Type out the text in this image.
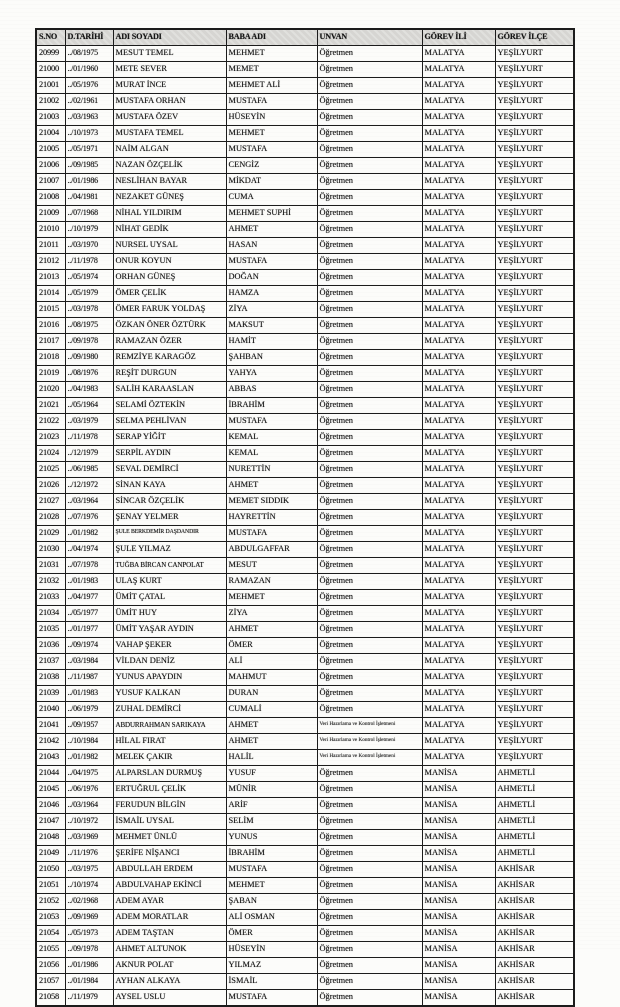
S.NO	D.TARİHİ	ADI SOYADI	BABA ADI	UNVAN	GÖREV İLİ	GÖREV İLÇE
20999	../08/1975	MESUT TEMEL	MEHMET	Öğretmen	MALATYA	YEŞİLYURT
21000	../01/1960	METE SEVER	MEMET	Öğretmen	MALATYA	YEŞİLYURT
21001	../05/1976	MURAT İNCE	MEHMET ALİ	Öğretmen	MALATYA	YEŞİLYURT
21002	../02/1961	MUSTAFA ORHAN	MUSTAFA	Öğretmen	MALATYA	YEŞİLYURT
21003	../03/1963	MUSTAFA ÖZEV	HÜSEYİN	Öğretmen	MALATYA	YEŞİLYURT
21004	../10/1973	MUSTAFA TEMEL	MEHMET	Öğretmen	MALATYA	YEŞİLYURT
21005	../05/1971	NAİM ALGAN	MUSTAFA	Öğretmen	MALATYA	YEŞİLYURT
21006	../09/1985	NAZAN ÖZÇELİK	CENGİZ	Öğretmen	MALATYA	YEŞİLYURT
21007	../01/1986	NESLİHAN BAYAR	MİKDAT	Öğretmen	MALATYA	YEŞİLYURT
21008	../04/1981	NEZAKET GÜNEŞ	CUMA	Öğretmen	MALATYA	YEŞİLYURT
21009	../07/1968	NİHAL YILDIRIM	MEHMET SUPHİ	Öğretmen	MALATYA	YEŞİLYURT
21010	../10/1979	NİHAT GEDİK	AHMET	Öğretmen	MALATYA	YEŞİLYURT
21011	../03/1970	NURSEL UYSAL	HASAN	Öğretmen	MALATYA	YEŞİLYURT
21012	../11/1978	ONUR KOYUN	MUSTAFA	Öğretmen	MALATYA	YEŞİLYURT
21013	../05/1974	ORHAN GÜNEŞ	DOĞAN	Öğretmen	MALATYA	YEŞİLYURT
21014	../05/1979	ÖMER ÇELİK	HAMZA	Öğretmen	MALATYA	YEŞİLYURT
21015	../03/1978	ÖMER FARUK YOLDAŞ	ZİYA	Öğretmen	MALATYA	YEŞİLYURT
21016	../08/1975	ÖZKAN ÖNER ÖZTÜRK	MAKSUT	Öğretmen	MALATYA	YEŞİLYURT
21017	../09/1978	RAMAZAN ÖZER	HAMİT	Öğretmen	MALATYA	YEŞİLYURT
21018	../09/1980	REMZİYE KARAGÖZ	ŞAHBAN	Öğretmen	MALATYA	YEŞİLYURT
21019	../08/1976	REŞİT DURGUN	YAHYA	Öğretmen	MALATYA	YEŞİLYURT
21020	../04/1983	SALİH KARAASLAN	ABBAS	Öğretmen	MALATYA	YEŞİLYURT
21021	../05/1964	SELAMİ ÖZTEKİN	İBRAHİM	Öğretmen	MALATYA	YEŞİLYURT
21022	../03/1979	SELMA PEHLİVAN	MUSTAFA	Öğretmen	MALATYA	YEŞİLYURT
21023	../11/1978	SERAP YİĞİT	KEMAL	Öğretmen	MALATYA	YEŞİLYURT
21024	../12/1979	SERPİL AYDIN	KEMAL	Öğretmen	MALATYA	YEŞİLYURT
21025	../06/1985	SEVAL DEMİRCİ	NURETTİN	Öğretmen	MALATYA	YEŞİLYURT
21026	../12/1972	SİNAN KAYA	AHMET	Öğretmen	MALATYA	YEŞİLYURT
21027	../03/1964	SİNCAR ÖZÇELİK	MEMET SIDDIK	Öğretmen	MALATYA	YEŞİLYURT
21028	../07/1976	ŞENAY YELMER	HAYRETTİN	Öğretmen	MALATYA	YEŞİLYURT
21029	../01/1982	ŞULE BERKDEMİR DAŞDANDIR	MUSTAFA	Öğretmen	MALATYA	YEŞİLYURT
21030	../04/1974	ŞULE YILMAZ	ABDULGAFFAR	Öğretmen	MALATYA	YEŞİLYURT
21031	../07/1978	TUĞBA BİRCAN CANPOLAT	MESUT	Öğretmen	MALATYA	YEŞİLYURT
21032	../01/1983	ULAŞ KURT	RAMAZAN	Öğretmen	MALATYA	YEŞİLYURT
21033	../04/1977	ÜMİT ÇATAL	MEHMET	Öğretmen	MALATYA	YEŞİLYURT
21034	../05/1977	ÜMİT HUY	ZİYA	Öğretmen	MALATYA	YEŞİLYURT
21035	../01/1977	ÜMİT YAŞAR AYDIN	AHMET	Öğretmen	MALATYA	YEŞİLYURT
21036	../09/1974	VAHAP ŞEKER	ÖMER	Öğretmen	MALATYA	YEŞİLYURT
21037	../03/1984	VİLDAN DENİZ	ALİ	Öğretmen	MALATYA	YEŞİLYURT
21038	../11/1987	YUNUS APAYDIN	MAHMUT	Öğretmen	MALATYA	YEŞİLYURT
21039	../01/1983	YUSUF KALKAN	DURAN	Öğretmen	MALATYA	YEŞİLYURT
21040	../06/1979	ZUHAL DEMİRCİ	CUMALİ	Öğretmen	MALATYA	YEŞİLYURT
21041	../09/1957	ABDURRAHMAN SARIKAYA	AHMET	Veri Hazırlama ve Kontrol İşletmeni	MALATYA	YEŞİLYURT
21042	../10/1984	HİLAL FIRAT	AHMET	Veri Hazırlama ve Kontrol İşletmeni	MALATYA	YEŞİLYURT
21043	../01/1982	MELEK ÇAKIR	HALİL	Veri Hazırlama ve Kontrol İşletmeni	MALATYA	YEŞİLYURT
21044	../04/1975	ALPARSLAN DURMUŞ	YUSUF	Öğretmen	MANİSA	AHMETLİ
21045	../06/1976	ERTUĞRUL ÇELİK	MÜNİR	Öğretmen	MANİSA	AHMETLİ
21046	../03/1964	FERUDUN BİLGİN	ARİF	Öğretmen	MANİSA	AHMETLİ
21047	../10/1972	İSMAİL UYSAL	SELİM	Öğretmen	MANİSA	AHMETLİ
21048	../03/1969	MEHMET ÜNLÜ	YUNUS	Öğretmen	MANİSA	AHMETLİ
21049	../11/1976	ŞERİFE NİŞANCI	İBRAHİM	Öğretmen	MANİSA	AHMETLİ
21050	../03/1975	ABDULLAH ERDEM	MUSTAFA	Öğretmen	MANİSA	AKHİSAR
21051	../10/1974	ABDULVAHAP EKİNCİ	MEHMET	Öğretmen	MANİSA	AKHİSAR
21052	../02/1968	ADEM AYAR	ŞABAN	Öğretmen	MANİSA	AKHİSAR
21053	../09/1969	ADEM MORATLAR	ALİ OSMAN	Öğretmen	MANİSA	AKHİSAR
21054	../05/1973	ADEM TAŞTAN	ÖMER	Öğretmen	MANİSA	AKHİSAR
21055	../09/1978	AHMET ALTUNOK	HÜSEYİN	Öğretmen	MANİSA	AKHİSAR
21056	../01/1986	AKNUR POLAT	YILMAZ	Öğretmen	MANİSA	AKHİSAR
21057	../01/1984	AYHAN ALKAYA	İSMAİL	Öğretmen	MANİSA	AKHİSAR
21058	../11/1979	AYSEL USLU	MUSTAFA	Öğretmen	MANİSA	AKHİSAR
